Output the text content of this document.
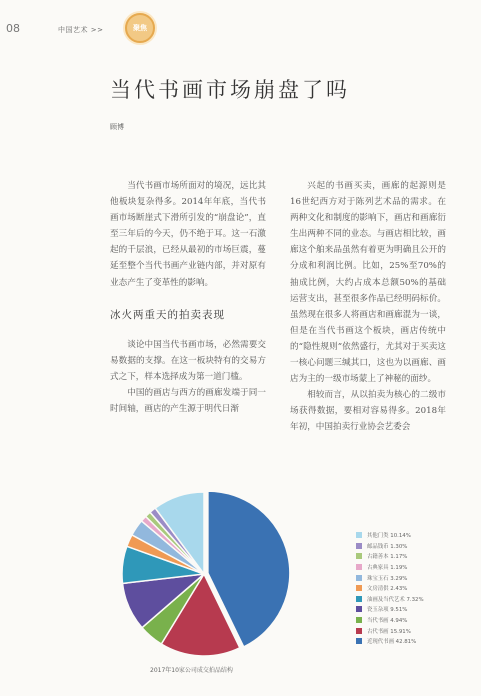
08	中国艺术 >>	聚焦
当代书画市场崩盘了吗
顾博

当代书画市场所面对的境况，远比其他板块复杂得多。2014年年底，当代书画市场断崖式下滑所引发的“崩盘论”，直至三年后的今天，仍不绝于耳。这一石激起的千层浪，已经从最初的市场巨震，蔓延至整个当代书画产业链内部，并对原有业态产生了变革性的影响。

冰火两重天的拍卖表现

谈论中国当代书画市场，必然需要交易数据的支撑。在这一板块特有的交易方式之下，样本选择成为第一道门槛。

中国的画店与西方的画廊发端于同一时间轴，画店的产生源于明代日渐

兴起的书画买卖，画廊的起源则是16世纪西方对于陈列艺术品的需求。在两种文化和制度的影响下，画店和画廊衍生出两种不同的业态。与画店相比较，画廊这个舶来品虽然有着更为明确且公开的分成和利润比例。比如，25%至70%的抽成比例，大约占成本总额50%的基础运营支出，甚至很多作品已经明码标价。虽然现在很多人将画店和画廊混为一谈，但是在当代书画这个板块，画店传统中的“隐性规则”依然盛行，尤其对于买卖这一核心问题三缄其口，这也为以画廊、画店为主的一级市场蒙上了神秘的面纱。

相较而言，从以拍卖为核心的二级市场获得数据，要相对容易得多。2018年年初，中国拍卖行业协会艺委会

其他门类 10.14%
邮品钱币 1.30%
古籍善本 1.17%
古典家具 1.19%
珠宝玉石 3.29%
文房清供 2.43%
油画及当代艺术 7.32%
瓷玉杂项 9.51%
当代书画 4.94%
古代书画 15.91%
近现代书画 42.81%
2017年10家公司成交拍品结构
